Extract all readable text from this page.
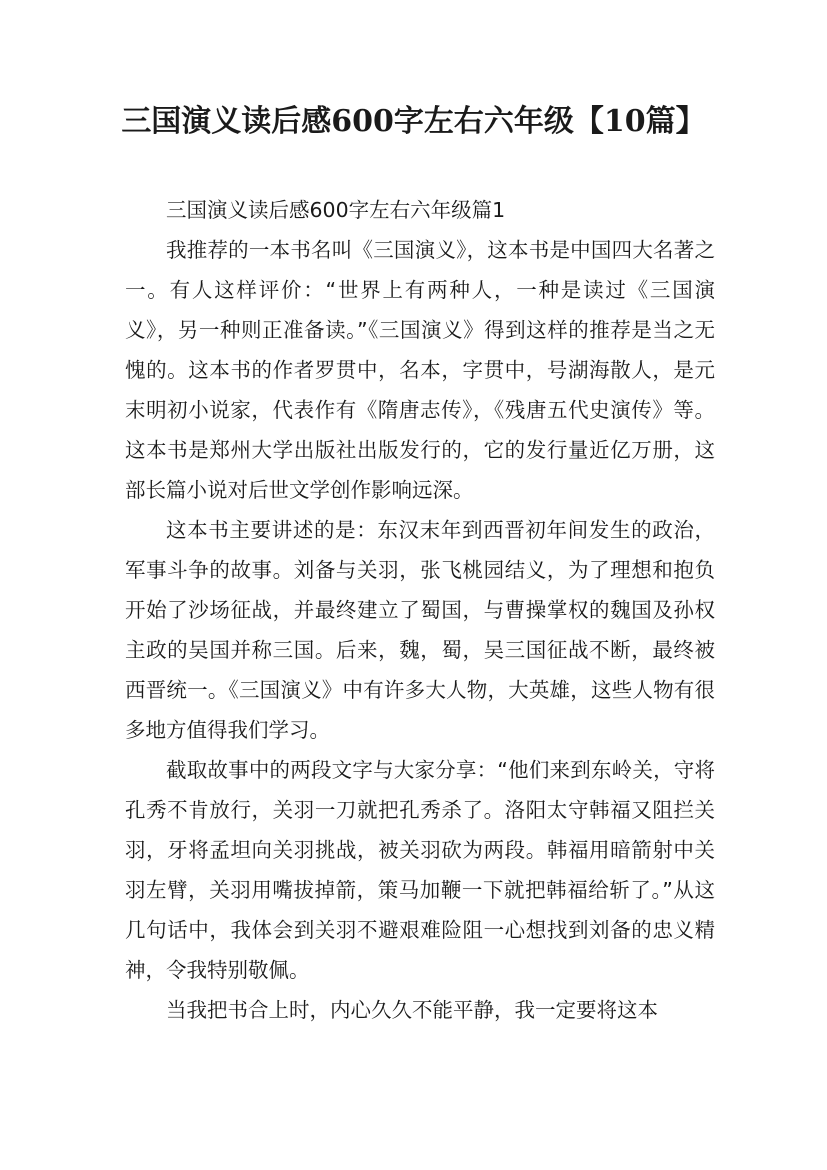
三国演义读后感600字左右六年级【10篇】

三国演义读后感600字左右六年级篇1

我推荐的一本书名叫《三国演义》，这本书是中国四大名著之一。有人这样评价：“世界上有两种人，一种是读过《三国演义》，另一种则正准备读。”《三国演义》得到这样的推荐是当之无愧的。这本书的作者罗贯中，名本，字贯中，号湖海散人，是元末明初小说家，代表作有《隋唐志传》，《残唐五代史演传》等。这本书是郑州大学出版社出版发行的，它的发行量近亿万册，这部长篇小说对后世文学创作影响远深。

这本书主要讲述的是：东汉末年到西晋初年间发生的政治，军事斗争的故事。刘备与关羽，张飞桃园结义，为了理想和抱负开始了沙场征战，并最终建立了蜀国，与曹操掌权的魏国及孙权主政的吴国并称三国。后来，魏，蜀，吴三国征战不断，最终被西晋统一。《三国演义》中有许多大人物，大英雄，这些人物有很多地方值得我们学习。

截取故事中的两段文字与大家分享：“他们来到东岭关，守将孔秀不肯放行，关羽一刀就把孔秀杀了。洛阳太守韩福又阻拦关羽，牙将孟坦向关羽挑战，被关羽砍为两段。韩福用暗箭射中关羽左臂，关羽用嘴拔掉箭，策马加鞭一下就把韩福给斩了。”从这几句话中，我体会到关羽不避艰难险阻一心想找到刘备的忠义精神，令我特别敬佩。

当我把书合上时，内心久久不能平静，我一定要将这本
